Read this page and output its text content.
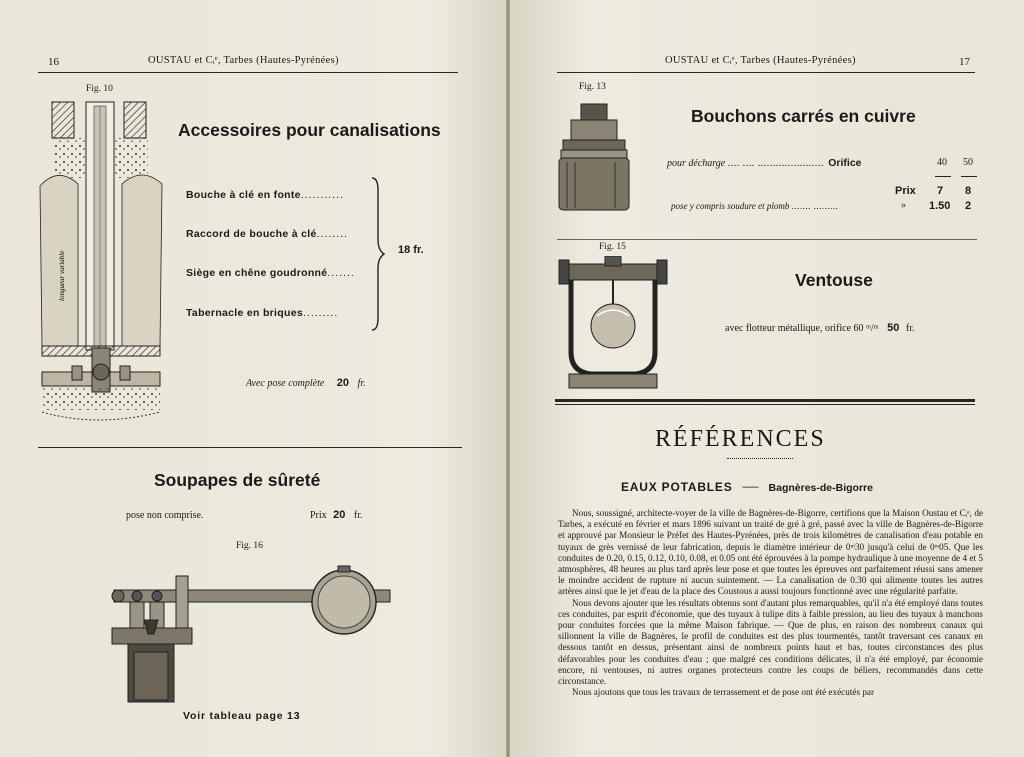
16	OUSTAU et Cᵢᵉ, Tarbes (Hautes-Pyrénées)
Fig. 10
longueur variable
Accessoires pour canalisations
Bouche à clé en fonte...........
Raccord de bouche à clé........
Siège en chêne goudronné.......
Tabernacle en briques.........
18 fr.
Avec pose complète 20 fr.
Soupapes de sûreté
pose non comprise.	Prix 20 fr.
Fig. 16
Voir tableau page 13
OUSTAU et Cᵢᵉ, Tarbes (Hautes-Pyrénées)	17
Fig. 13
Bouchons carrés en cuivre
pour décharge .... .... ...................... Orifice	40 50
Prix 7 8
pose y compris soudure et plomb ....... .........	» 1.50 2
Fig. 15
Ventouse
avec flotteur métallique, orifice 60 ᵐ/ᵐ 50 fr.
RÉFÉRENCES
EAUX POTABLES — Bagnères-de-Bigorre

Nous, soussigné, architecte-voyer de la ville de Bagnères-de-Bigorre, certifions que la Maison Oustau et Cᵢᵉ, de Tarbes, a exécuté en février et mars 1896 suivant un traité de gré à gré, passé avec la ville de Bagnères-de-Bigorre et approuvé par Monsieur le Préfet des Hautes-Pyrénées, près de trois kilomètres de canalisation d'eau potable en tuyaux de grès vernissé de leur fabrication, depuis le diamètre intérieur de 0ᵐ30 jusqu'à celui de 0ᵐ05. Que les conduites de 0.20, 0.15, 0.12, 0.10, 0.08, et 0.05 ont été éprouvées à la pompe hydraulique à une moyenne de 4 et 5 atmosphères, 48 heures au plus tard après leur pose et que toutes les épreuves ont parfaitement réussi sans amener le moindre accident de rupture ni aucun suintement. — La canalisation de 0.30 qui alimente toutes les autres artères ainsi que le jet d'eau de la place des Coustous a aussi toujours fonctionné avec une régularité parfaite.

Nous devons ajouter que les résultats obtenus sont d'autant plus remarquables, qu'il n'a été employé dans toutes ces conduites, par esprit d'économie, que des tuyaux à tulipe dits à faible pression, au lieu des tuyaux à manchons pour conduites forcées que la même Maison fabrique. — Que de plus, en raison des nombreux canaux qui sillonnent la ville de Bagnères, le profil de conduites est des plus tourmentés, tantôt traversant ces canaux en dessous tantôt en dessus, présentant ainsi de nombreux points haut et bas, toutes circonstances des plus défavorables pour les conduites d'eau ; que malgré ces conditions délicates, il n'a été employé, par économie encore, ni ventouses, ni autres organes protecteurs contre les coups de béliers, recommandés dans cette circonstance.

Nous ajoutons que tous les travaux de terrassement et de pose ont été exécutés par
